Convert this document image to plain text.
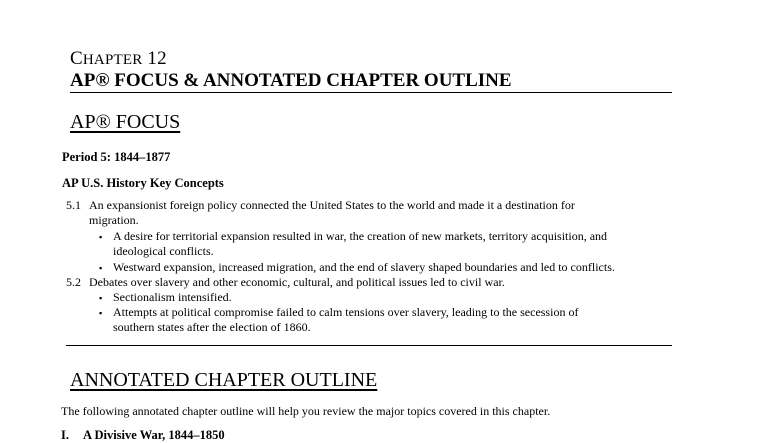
CHAPTER 12
AP® FOCUS & ANNOTATED CHAPTER OUTLINE
AP® FOCUS
Period 5: 1844–1877
AP U.S. History Key Concepts
5.1 An expansionist foreign policy connected the United States to the world and made it a destination for
migration.
▪ A desire for territorial expansion resulted in war, the creation of new markets, territory acquisition, and
ideological conflicts.
▪ Westward expansion, increased migration, and the end of slavery shaped boundaries and led to conflicts.
5.2 Debates over slavery and other economic, cultural, and political issues led to civil war.
▪ Sectionalism intensified.
▪ Attempts at political compromise failed to calm tensions over slavery, leading to the secession of
southern states after the election of 1860.
ANNOTATED CHAPTER OUTLINE
The following annotated chapter outline will help you review the major topics covered in this chapter.
I. A Divisive War, 1844–1850
